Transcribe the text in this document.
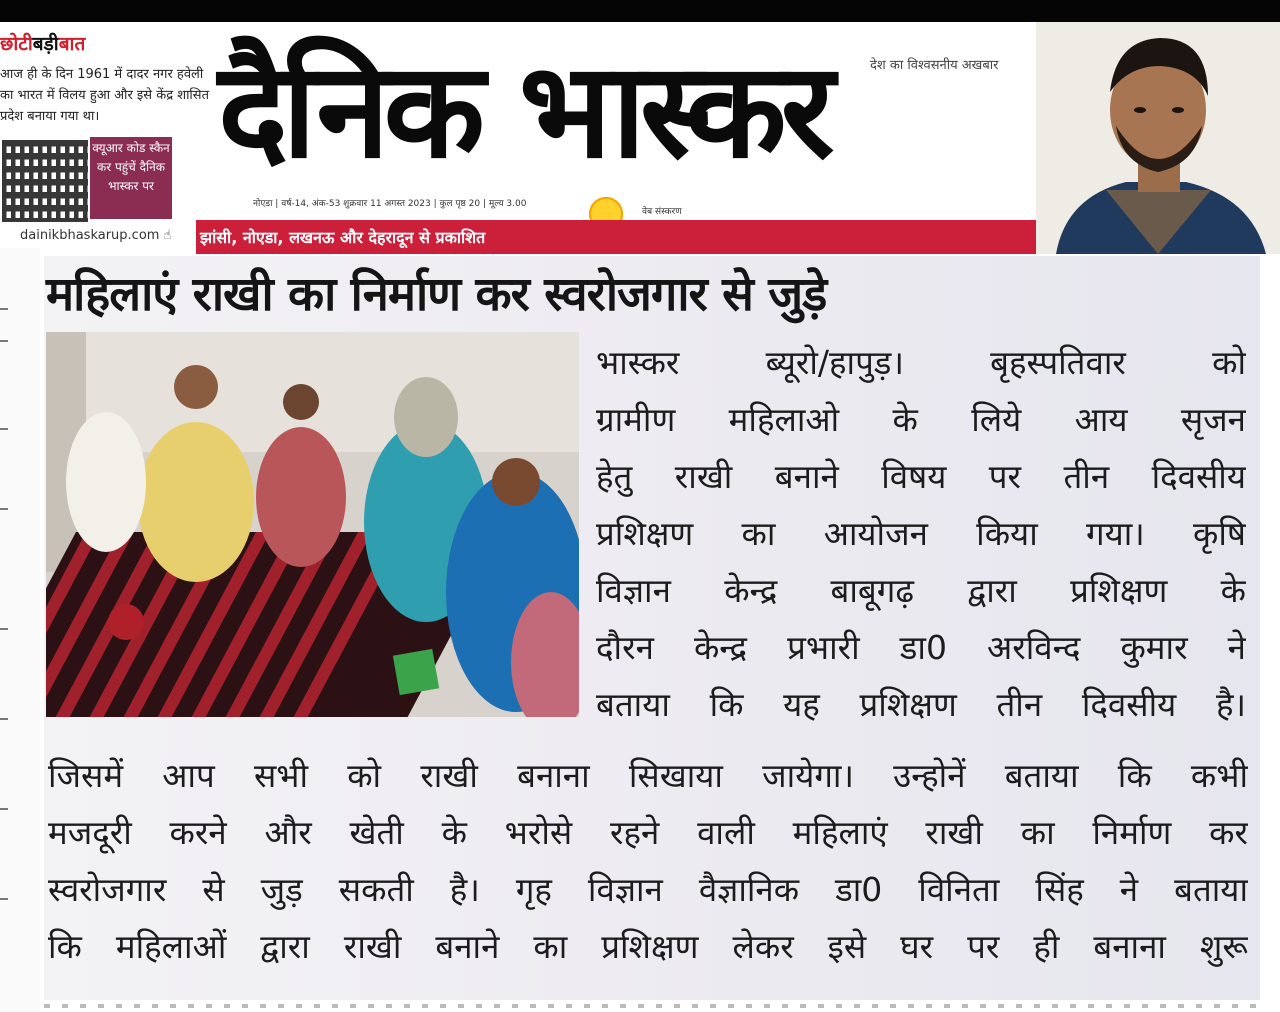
छोटीबड़ीबात
आज ही के दिन 1961 में दादर नगर हवेली का भारत में विलय हुआ और इसे केंद्र शासित प्रदेश बनाया गया था।
क्यूआर कोड स्कैन कर पहुंचें दैनिक भास्कर पर
dainikbhaskarup.com ☝
देश का विश्वसनीय अखबार
दैनिक भास्कर
नोएडा | वर्ष-14, अंक-53 शुक्रवार 11 अगस्त 2023 | कुल पृष्ठ 20 | मूल्य 3.00
वेब संस्करण
झांसी, नोएडा, लखनऊ और देहरादून से प्रकाशित
महिलाएं राखी का निर्माण कर स्वरोजगार से जुड़े
भास्कर ब्यूरो/हापुड़। बृहस्पतिवार को
ग्रामीण महिलाओ के लिये आय सृजन
हेतु राखी बनाने विषय पर तीन दिवसीय
प्रशिक्षण का आयोजन किया गया। कृषि
विज्ञान केन्द्र बाबूगढ़ द्वारा प्रशिक्षण के
दौरन केन्द्र प्रभारी डा0 अरविन्द कुमार ने
बताया कि यह प्रशिक्षण तीन दिवसीय है।
जिसमें आप सभी को राखी बनाना सिखाया जायेगा। उन्होनें बताया कि कभी
मजदूरी करने और खेती के भरोसे रहने वाली महिलाएं राखी का निर्माण कर
स्वरोजगार से जुड़ सकती है। गृह विज्ञान वैज्ञानिक डा0 विनिता सिंह ने बताया
कि महिलाओं द्वारा राखी बनाने का प्रशिक्षण लेकर इसे घर पर ही बनाना शुरू
